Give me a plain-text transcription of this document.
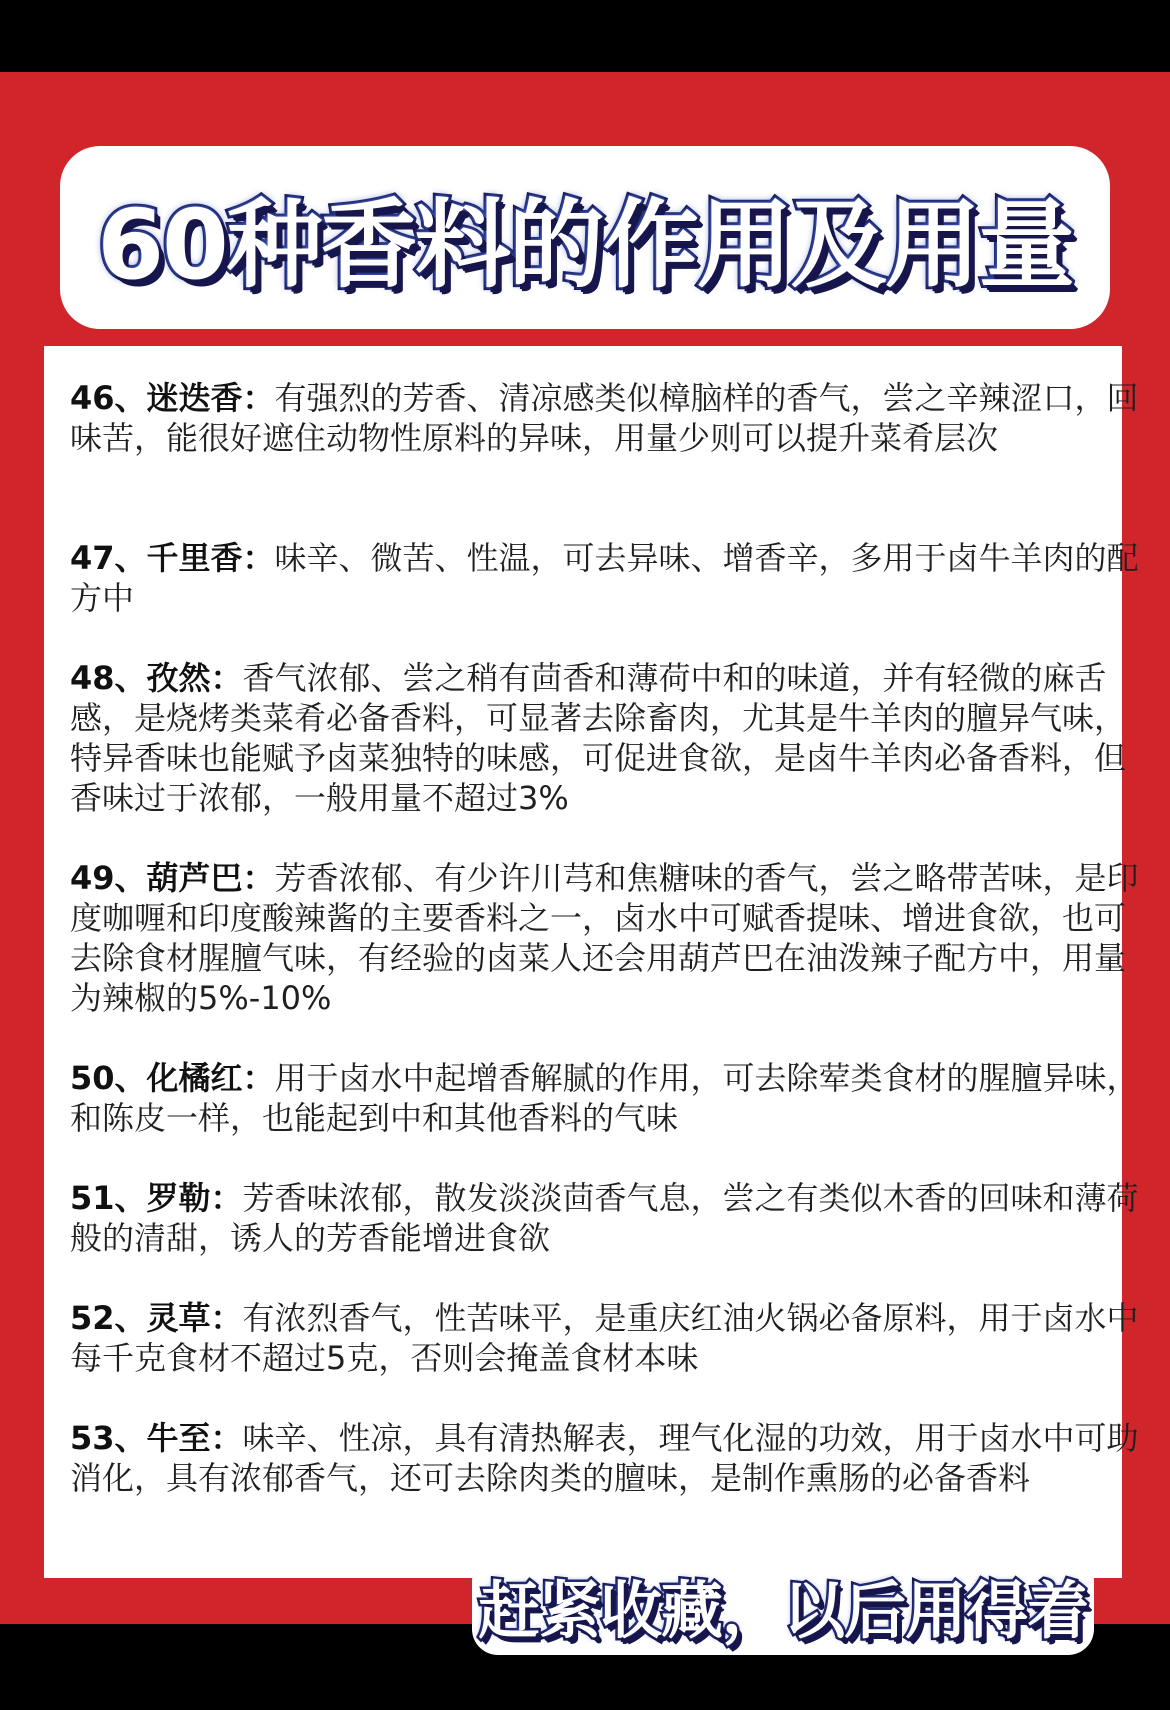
60种香料的作用及用量
46、迷迭香：有强烈的芳香、清凉感类似樟脑样的香气，尝之辛辣涩口，回味苦，能很好遮住动物性原料的异味，用量少则可以提升菜肴层次
47、千里香：味辛、微苦、性温，可去异味、增香辛，多用于卤牛羊肉的配方中
48、孜然：香气浓郁、尝之稍有茴香和薄荷中和的味道，并有轻微的麻舌感，是烧烤类菜肴必备香料，可显著去除畜肉，尤其是牛羊肉的膻异气味，特异香味也能赋予卤菜独特的味感，可促进食欲，是卤牛羊肉必备香料，但香味过于浓郁，一般用量不超过3%
49、葫芦巴：芳香浓郁、有少许川芎和焦糖味的香气，尝之略带苦味，是印度咖喱和印度酸辣酱的主要香料之一，卤水中可赋香提味、增进食欲，也可去除食材腥膻气味，有经验的卤菜人还会用葫芦巴在油泼辣子配方中，用量为辣椒的5%-10%
50、化橘红：用于卤水中起增香解腻的作用，可去除荤类食材的腥膻异味，和陈皮一样，也能起到中和其他香料的气味
51、罗勒：芳香味浓郁，散发淡淡茴香气息，尝之有类似木香的回味和薄荷般的清甜，诱人的芳香能增进食欲
52、灵草：有浓烈香气，性苦味平，是重庆红油火锅必备原料，用于卤水中每千克食材不超过5克，否则会掩盖食材本味
53、牛至：味辛、性凉，具有清热解表，理气化湿的功效，用于卤水中可助消化，具有浓郁香气，还可去除肉类的膻味，是制作熏肠的必备香料
赶紧收藏，以后用得着
